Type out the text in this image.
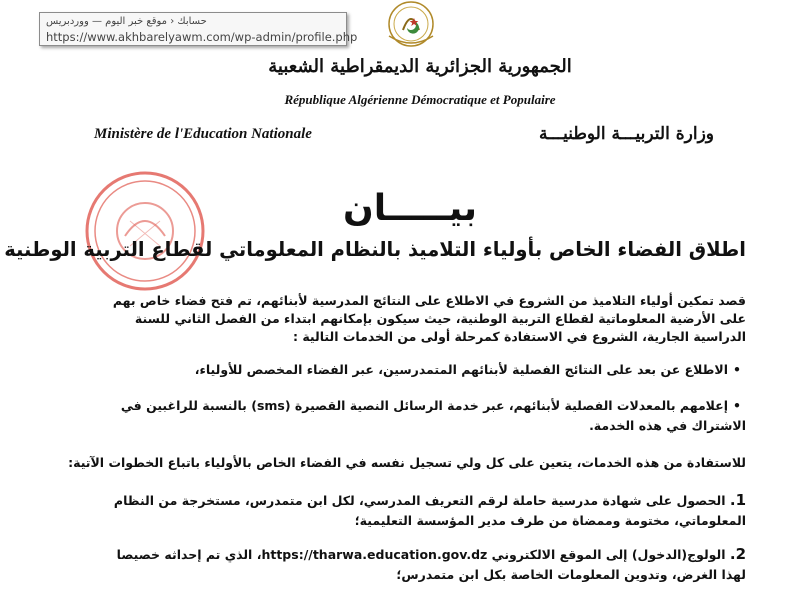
حسابك ‹ موقع خبر اليوم — ووردبريس
https://www.akhbarelyawm.com/wp-admin/profile.php
الجمهورية الجزائرية الديمقراطية الشعبية
République Algérienne Démocratique et Populaire
Ministère de l'Education Nationale	وزارة التربيـــة الوطنيـــة
بيـــــان
اطلاق الفضاء الخاص بأولياء التلاميذ بالنظام المعلوماتي لقطاع التربية الوطنية
قصد تمكين أولياء التلاميذ من الشروع في الاطلاع على النتائج المدرسية لأبنائهم، تم فتح فضاء خاص بهم
على الأرضية المعلوماتية لقطاع التربية الوطنية، حيث سيكون بإمكانهم ابتداء من الفصل الثاني للسنة
الدراسية الجارية، الشروع في الاستفادة كمرحلة أولى من الخدمات التالية :
•الاطلاع عن بعد على النتائج الفصلية لأبنائهم المتمدرسين، عبر الفضاء المخصص للأولياء،
•إعلامهم بالمعدلات الفصلية لأبنائهم، عبر خدمة الرسائل النصية القصيرة (sms) بالنسبة للراغبين في
الاشتراك في هذه الخدمة.
للاستفادة من هذه الخدمات، يتعين على كل ولي تسجيل نفسه في الفضاء الخاص بالأولياء باتباع الخطوات الآتية:
1. الحصول على شهادة مدرسية حاملة لرقم التعريف المدرسي، لكل ابن متمدرس، مستخرجة من النظام
المعلوماتي، مختومة وممضاة من طرف مدير المؤسسة التعليمية؛
2. الولوج(الدخول) إلى الموقع الالكتروني https://tharwa.education.gov.dz، الذي تم إحداثه خصيصا
لهذا الغرض، وتدوين المعلومات الخاصة بكل ابن متمدرس؛
